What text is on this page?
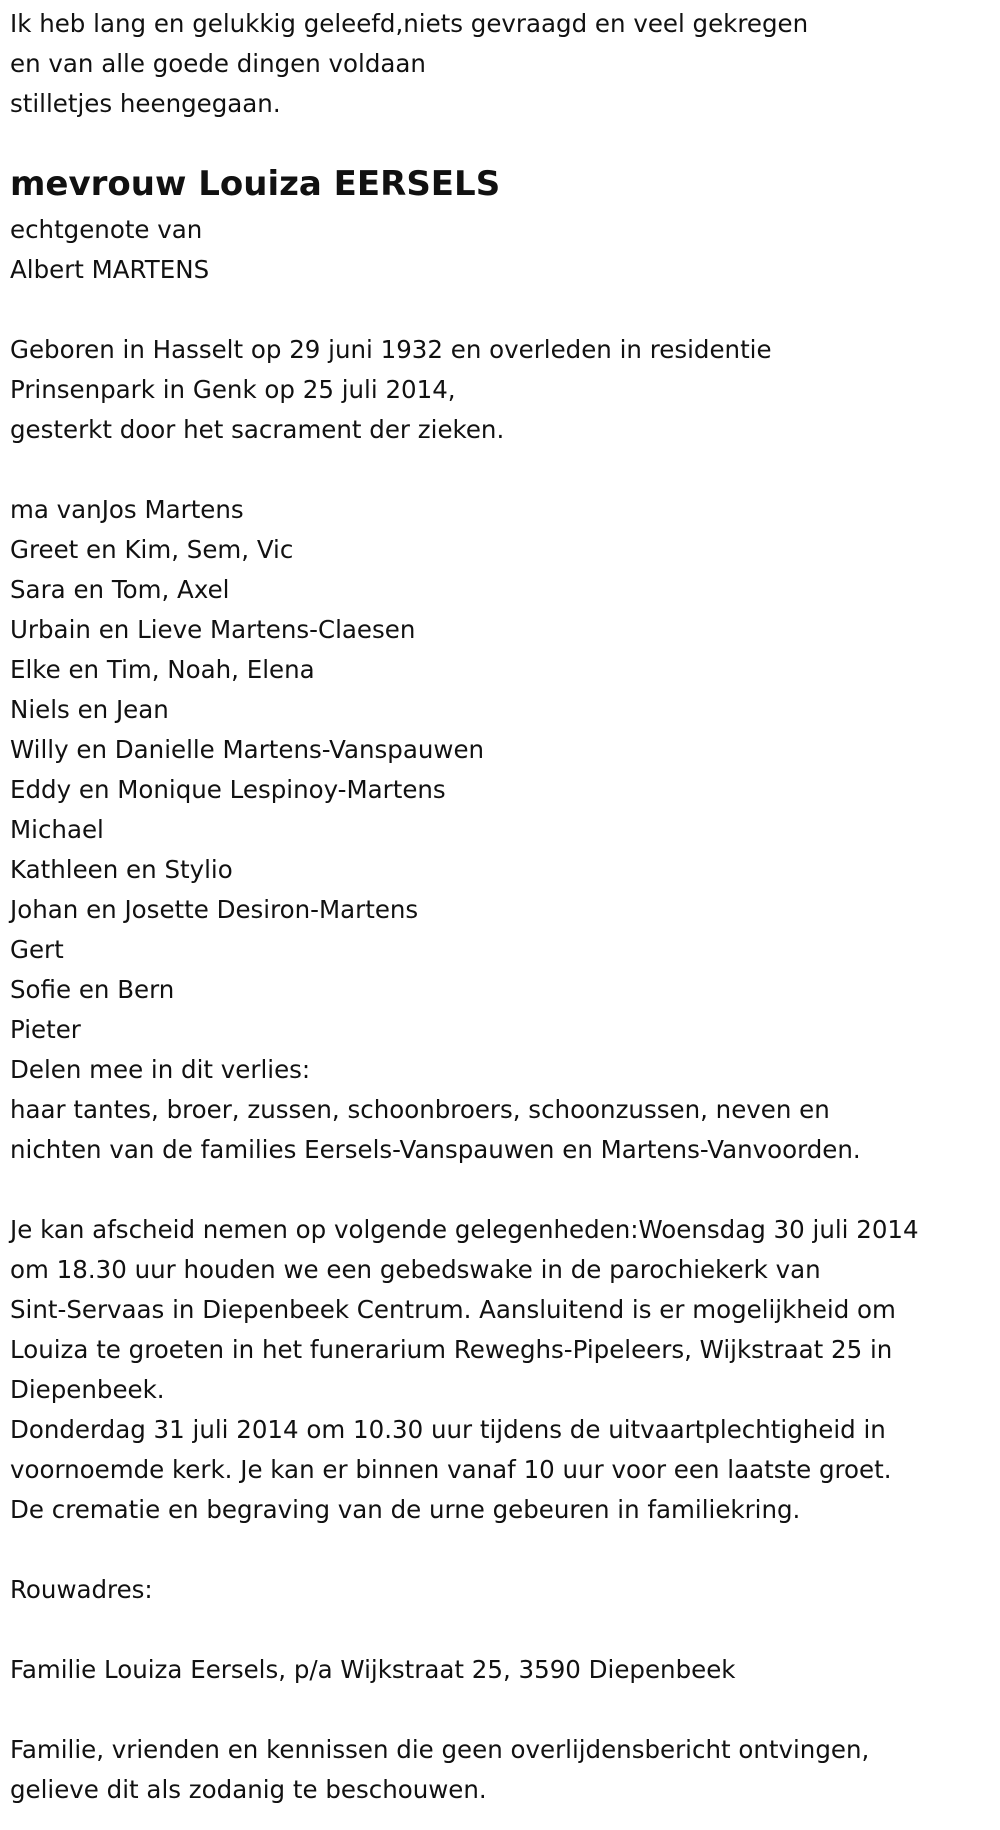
Ik heb lang en gelukkig geleefd,niets gevraagd en veel gekregen
en van alle goede dingen voldaan
stilletjes heengegaan.
mevrouw Louiza EERSELS
echtgenote van
Albert MARTENS
Geboren in Hasselt op 29 juni 1932 en overleden in residentie
Prinsenpark in Genk op 25 juli 2014,
gesterkt door het sacrament der zieken.
ma vanJos Martens
Greet en Kim, Sem, Vic
Sara en Tom, Axel
Urbain en Lieve Martens-Claesen
Elke en Tim, Noah, Elena
Niels en Jean
Willy en Danielle Martens-Vanspauwen
Eddy en Monique Lespinoy-Martens
Michael
Kathleen en Stylio
Johan en Josette Desiron-Martens
Gert
Sofie en Bern
Pieter
Delen mee in dit verlies:
haar tantes, broer, zussen, schoonbroers, schoonzussen, neven en
nichten van de families Eersels-Vanspauwen en Martens-Vanvoorden.
Je kan afscheid nemen op volgende gelegenheden:Woensdag 30 juli 2014
om 18.30 uur houden we een gebedswake in de parochiekerk van
Sint-Servaas in Diepenbeek Centrum. Aansluitend is er mogelijkheid om
Louiza te groeten in het funerarium Reweghs-Pipeleers, Wijkstraat 25 in
Diepenbeek.
Donderdag 31 juli 2014 om 10.30 uur tijdens de uitvaartplechtigheid in
voornoemde kerk. Je kan er binnen vanaf 10 uur voor een laatste groet.
De crematie en begraving van de urne gebeuren in familiekring.
Rouwadres:
Familie Louiza Eersels, p/a Wijkstraat 25, 3590 Diepenbeek
Familie, vrienden en kennissen die geen overlijdensbericht ontvingen,
gelieve dit als zodanig te beschouwen.
